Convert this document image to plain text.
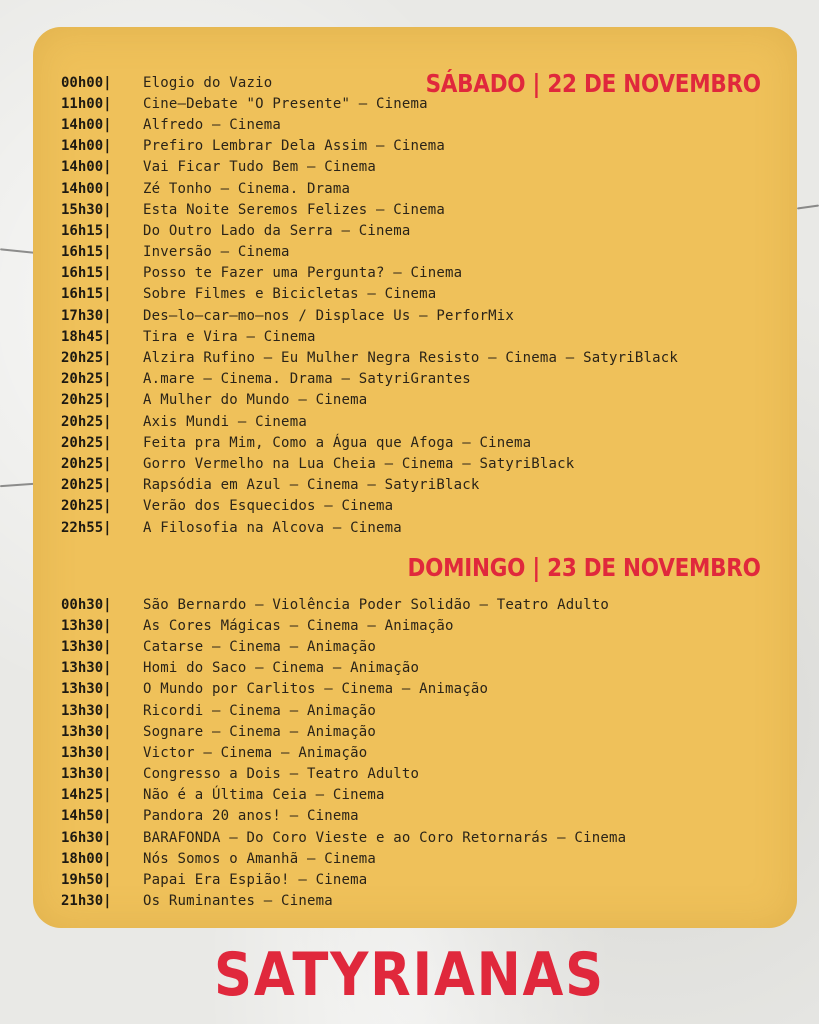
SÁBADO | 22 DE NOVEMBRO
00h00|	Elogio do Vazio
11h00|	Cine—Debate "O Presente" — Cinema
14h00|	Alfredo — Cinema
14h00|	Prefiro Lembrar Dela Assim — Cinema
14h00|	Vai Ficar Tudo Bem — Cinema
14h00|	Zé Tonho — Cinema. Drama
15h30|	Esta Noite Seremos Felizes — Cinema
16h15|	Do Outro Lado da Serra — Cinema
16h15|	Inversão — Cinema
16h15|	Posso te Fazer uma Pergunta? — Cinema
16h15|	Sobre Filmes e Bicicletas — Cinema
17h30|	Des—lo—car—mo—nos / Displace Us — PerforMix
18h45|	Tira e Vira — Cinema
20h25|	Alzira Rufino — Eu Mulher Negra Resisto — Cinema — SatyriBlack
20h25|	A.mare — Cinema. Drama — SatyriGrantes
20h25|	A Mulher do Mundo — Cinema
20h25|	Axis Mundi — Cinema
20h25|	Feita pra Mim, Como a Água que Afoga — Cinema
20h25|	Gorro Vermelho na Lua Cheia — Cinema — SatyriBlack
20h25|	Rapsódia em Azul — Cinema — SatyriBlack
20h25|	Verão dos Esquecidos — Cinema
22h55|	A Filosofia na Alcova — Cinema
DOMINGO | 23 DE NOVEMBRO
00h30|	São Bernardo — Violência Poder Solidão — Teatro Adulto
13h30|	As Cores Mágicas — Cinema — Animação
13h30|	Catarse — Cinema — Animação
13h30|	Homi do Saco — Cinema — Animação
13h30|	O Mundo por Carlitos — Cinema — Animação
13h30|	Ricordi — Cinema — Animação
13h30|	Sognare — Cinema — Animação
13h30|	Victor — Cinema — Animação
13h30|	Congresso a Dois — Teatro Adulto
14h25|	Não é a Última Ceia — Cinema
14h50|	Pandora 20 anos! — Cinema
16h30|	BARAFONDA — Do Coro Vieste e ao Coro Retornarás — Cinema
18h00|	Nós Somos o Amanhã — Cinema
19h50|	Papai Era Espião! — Cinema
21h30|	Os Ruminantes — Cinema
SATYRIANAS
